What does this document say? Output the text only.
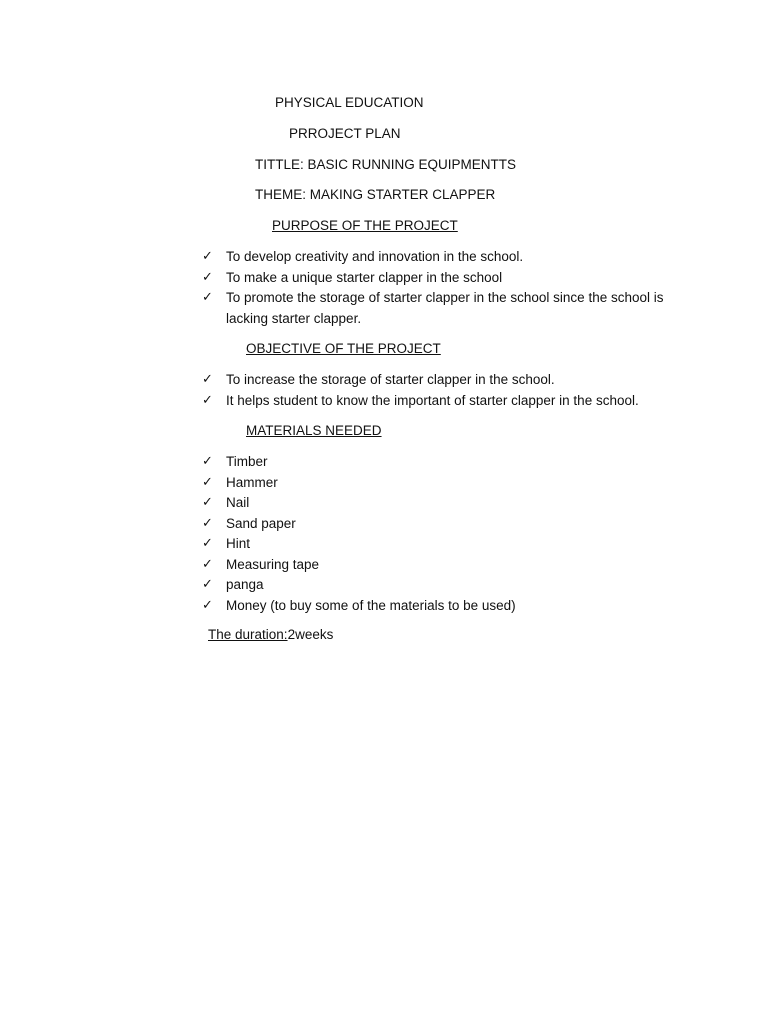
PHYSICAL EDUCATION
PRROJECT PLAN
TITTLE: BASIC RUNNING EQUIPMENTTS
THEME: MAKING STARTER CLAPPER
PURPOSE OF THE PROJECT
✓ To develop creativity and innovation in the school.
✓ To make a unique starter clapper in the school
✓ To promote the storage of starter clapper in the school since the school is lacking starter clapper.
OBJECTIVE OF THE PROJECT
✓ To increase the storage of starter clapper in the school.
✓ It helps student to know the important of starter clapper in the school.
MATERIALS NEEDED
✓ Timber
✓ Hammer
✓ Nail
✓ Sand paper
✓ Hint
✓ Measuring tape
✓ panga
✓ Money (to buy some of the materials to be used)
The duration:2weeks
